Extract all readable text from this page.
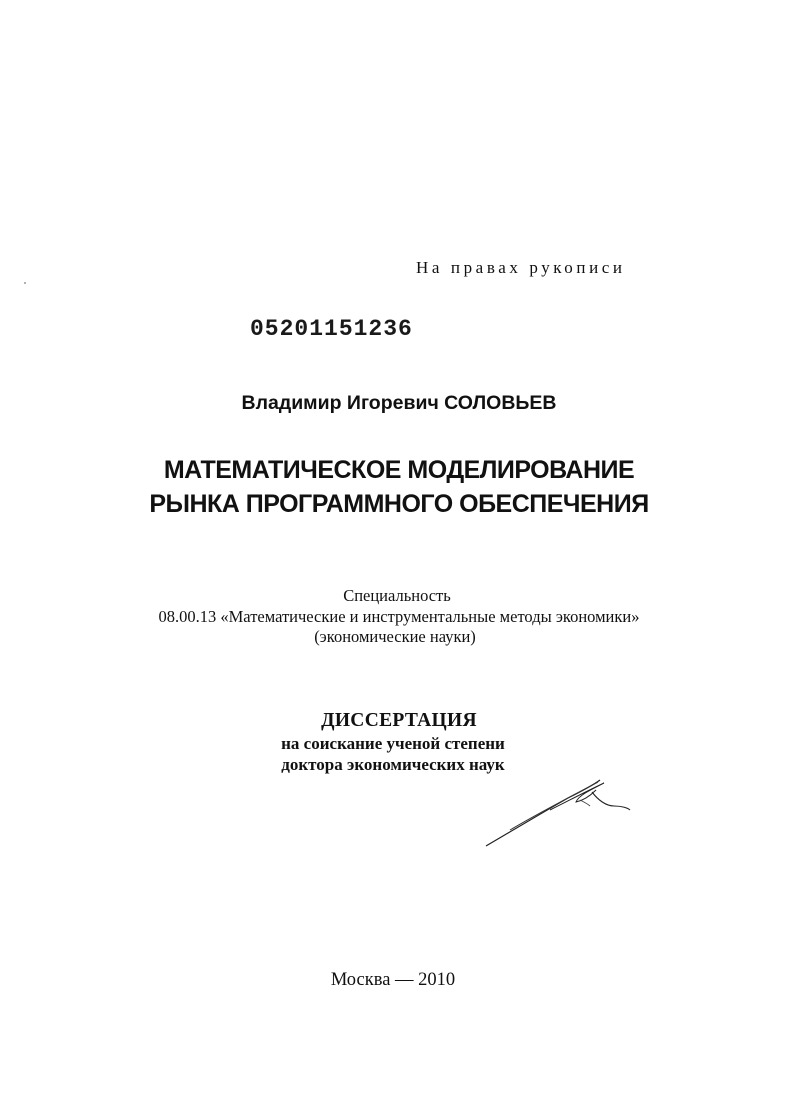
На правах рукописи
05201151236
Владимир Игоревич СОЛОВЬЕВ
МАТЕМАТИЧЕСКОЕ МОДЕЛИРОВАНИЕ
РЫНКА ПРОГРАММНОГО ОБЕСПЕЧЕНИЯ
Специальность
08.00.13 «Математические и инструментальные методы экономики»
(экономические науки)
ДИССЕРТАЦИЯ
на соискание ученой степени
доктора экономических наук
Москва — 2010
